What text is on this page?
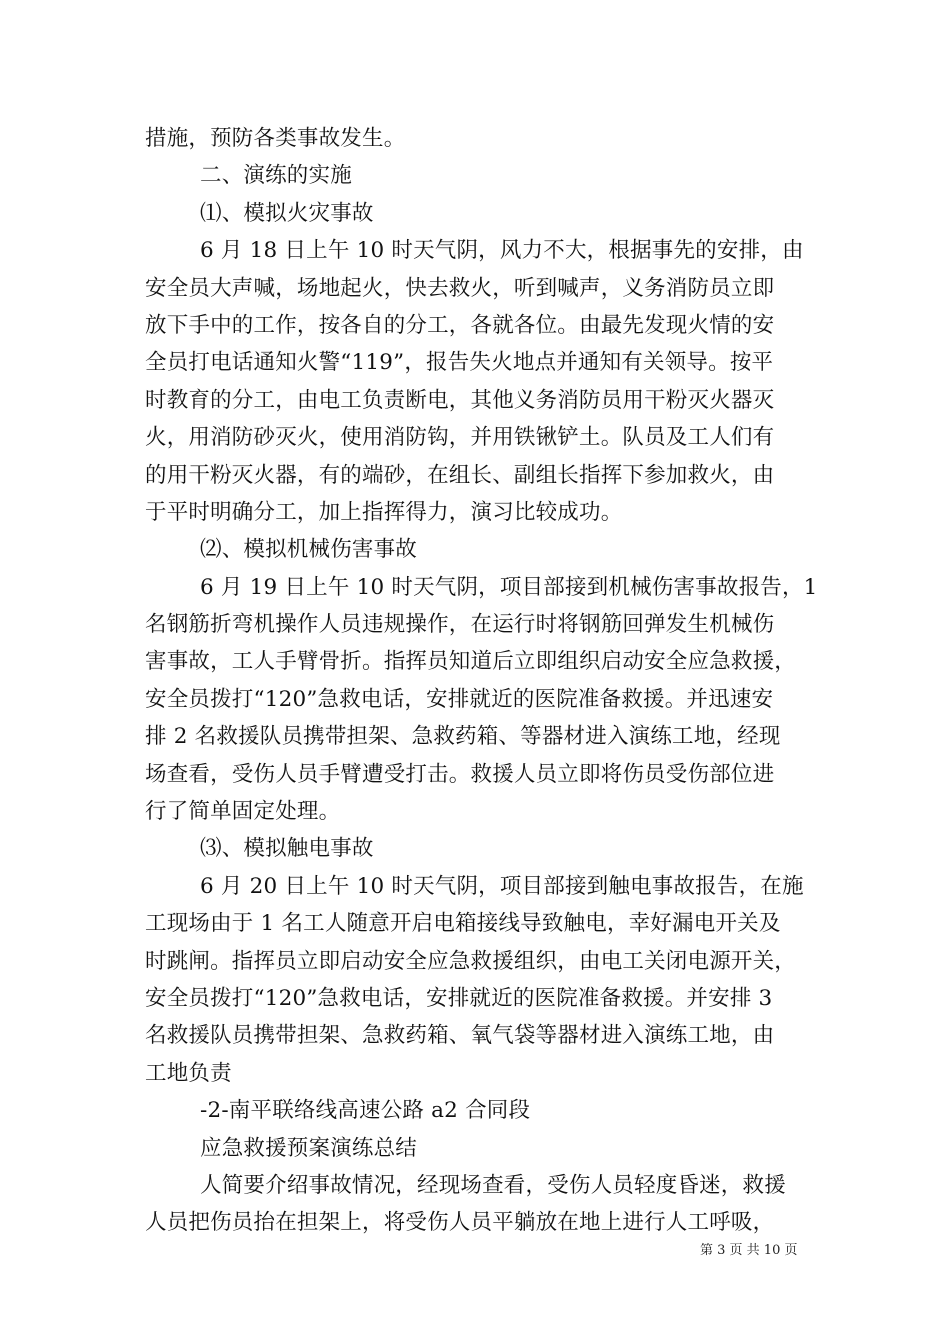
措施，预防各类事故发生。
二、演练的实施
⑴、模拟火灾事故
6 月 18 日上午 10 时天气阴，风力不大，根据事先的安排，由
安全员大声喊，场地起火，快去救火，听到喊声，义务消防员立即
放下手中的工作，按各自的分工，各就各位。由最先发现火情的安
全员打电话通知火警“119”，报告失火地点并通知有关领导。按平
时教育的分工，由电工负责断电，其他义务消防员用干粉灭火器灭
火，用消防砂灭火，使用消防钩，并用铁锹铲土。队员及工人们有
的用干粉灭火器，有的端砂，在组长、副组长指挥下参加救火，由
于平时明确分工，加上指挥得力，演习比较成功。
⑵、模拟机械伤害事故
6 月 19 日上午 10 时天气阴，项目部接到机械伤害事故报告，1
名钢筋折弯机操作人员违规操作，在运行时将钢筋回弹发生机械伤
害事故，工人手臂骨折。指挥员知道后立即组织启动安全应急救援，
安全员拨打“120”急救电话，安排就近的医院准备救援。并迅速安
排 2 名救援队员携带担架、急救药箱、等器材进入演练工地，经现
场查看，受伤人员手臂遭受打击。救援人员立即将伤员受伤部位进
行了简单固定处理。
⑶、模拟触电事故
6 月 20 日上午 10 时天气阴，项目部接到触电事故报告，在施
工现场由于 1 名工人随意开启电箱接线导致触电，幸好漏电开关及
时跳闸。指挥员立即启动安全应急救援组织，由电工关闭电源开关，
安全员拨打“120”急救电话，安排就近的医院准备救援。并安排 3
名救援队员携带担架、急救药箱、氧气袋等器材进入演练工地，由
工地负责
-2-南平联络线高速公路 a2 合同段
应急救援预案演练总结
人简要介绍事故情况，经现场查看，受伤人员轻度昏迷，救援
人员把伤员抬在担架上，将受伤人员平躺放在地上进行人工呼吸，
第 3 页 共 10 页
